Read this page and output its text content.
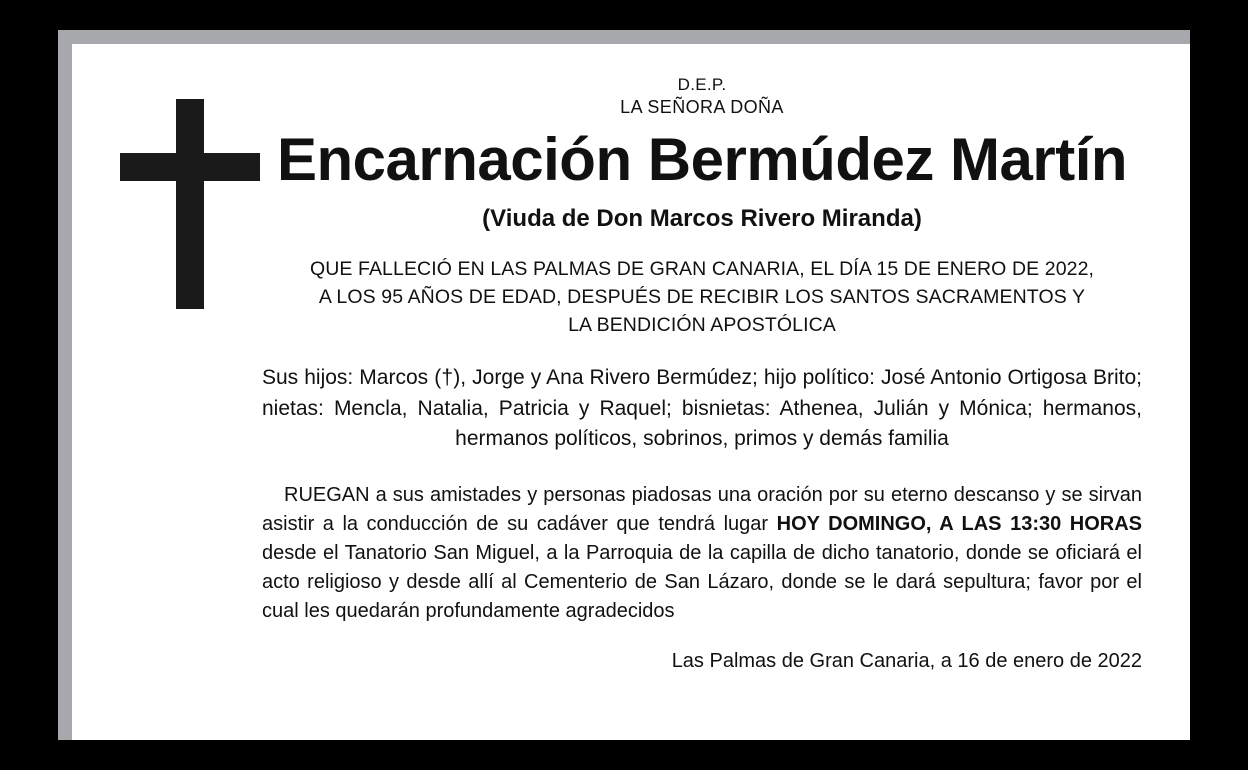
D.E.P.
LA SEÑORA DOÑA
Encarnación Bermúdez Martín
(Viuda de Don Marcos Rivero Miranda)
QUE FALLECIÓ EN LAS PALMAS DE GRAN CANARIA, EL DÍA 15 DE ENERO DE 2022,
A LOS 95 AÑOS DE EDAD, DESPUÉS DE RECIBIR LOS SANTOS SACRAMENTOS Y
LA BENDICIÓN APOSTÓLICA
Sus hijos: Marcos (†), Jorge y Ana Rivero Bermúdez; hijo político: José Antonio Ortigosa Brito; nietas: Mencla, Natalia, Patricia y Raquel; bisnietas: Athenea, Julián y Mónica; hermanos, hermanos políticos, sobrinos, primos y demás familia
RUEGAN a sus amistades y personas piadosas una oración por su eterno descanso y se sirvan asistir a la conducción de su cadáver que tendrá lugar HOY DOMINGO, A LAS 13:30 HORAS desde el Tanatorio San Miguel, a la Parroquia de la capilla de dicho tanatorio, donde se oficiará el acto religioso y desde allí al Cementerio de San Lázaro, donde se le dará sepultura; favor por el cual les quedarán profundamente agradecidos
Las Palmas de Gran Canaria, a 16 de enero de 2022
